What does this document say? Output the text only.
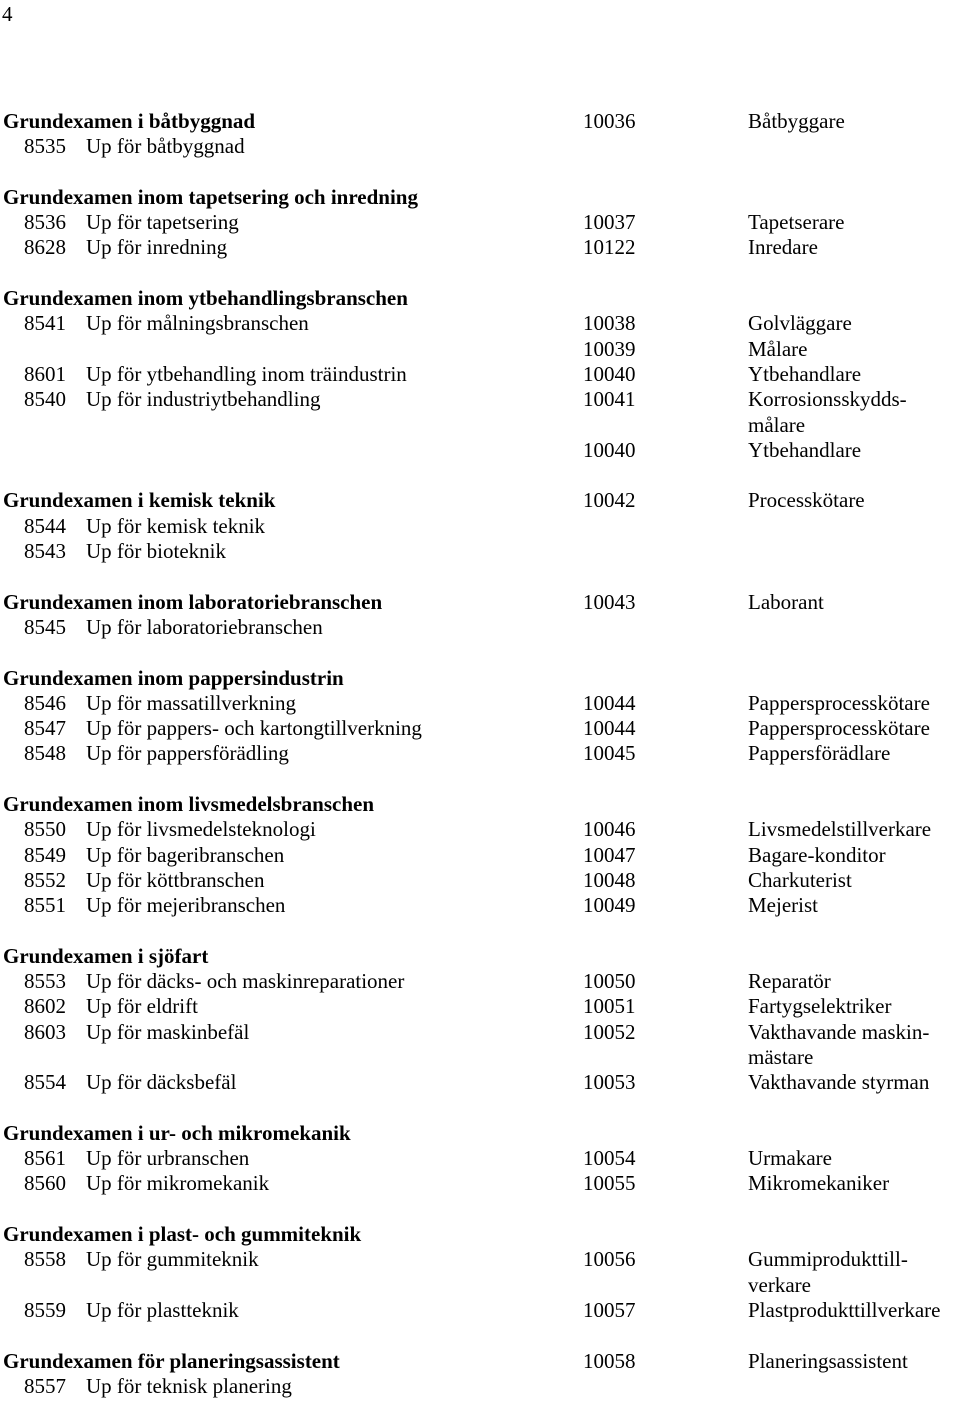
4
Grundexamen i båtbyggnad	10036	Båtbyggare
8535 Up för båtbyggnad
Grundexamen inom tapetsering och inredning
8536 Up för tapetsering	10037	Tapetserare
8628 Up för inredning	10122	Inredare
Grundexamen inom ytbehandlingsbranschen
8541 Up för målningsbranschen	10038	Golvläggare
10039	Målare
8601 Up för ytbehandling inom träindustrin	10040	Ytbehandlare
8540 Up för industriytbehandling	10041	Korrosionsskydds-
målare
10040	Ytbehandlare
Grundexamen i kemisk teknik	10042	Processkötare
8544 Up för kemisk teknik
8543 Up för bioteknik
Grundexamen inom laboratoriebranschen	10043	Laborant
8545 Up för laboratoriebranschen
Grundexamen inom pappersindustrin
8546 Up för massatillverkning	10044	Pappersprocesskötare
8547 Up för pappers- och kartongtillverkning	10044	Pappersprocesskötare
8548 Up för pappersförädling	10045	Pappersförädlare
Grundexamen inom livsmedelsbranschen
8550 Up för livsmedelsteknologi	10046	Livsmedelstillverkare
8549 Up för bageribranschen	10047	Bagare-konditor
8552 Up för köttbranschen	10048	Charkuterist
8551 Up för mejeribranschen	10049	Mejerist
Grundexamen i sjöfart
8553 Up för däcks- och maskinreparationer	10050	Reparatör
8602 Up för eldrift	10051	Fartygselektriker
8603 Up för maskinbefäl	10052	Vakthavande maskin-
mästare
8554 Up för däcksbefäl	10053	Vakthavande styrman
Grundexamen i ur- och mikromekanik
8561 Up för urbranschen	10054	Urmakare
8560 Up för mikromekanik	10055	Mikromekaniker
Grundexamen i plast- och gummiteknik
8558 Up för gummiteknik	10056	Gummiprodukttill-
verkare
8559 Up för plastteknik	10057	Plastprodukttillverkare
Grundexamen för planeringsassistent	10058	Planeringsassistent
8557 Up för teknisk planering
